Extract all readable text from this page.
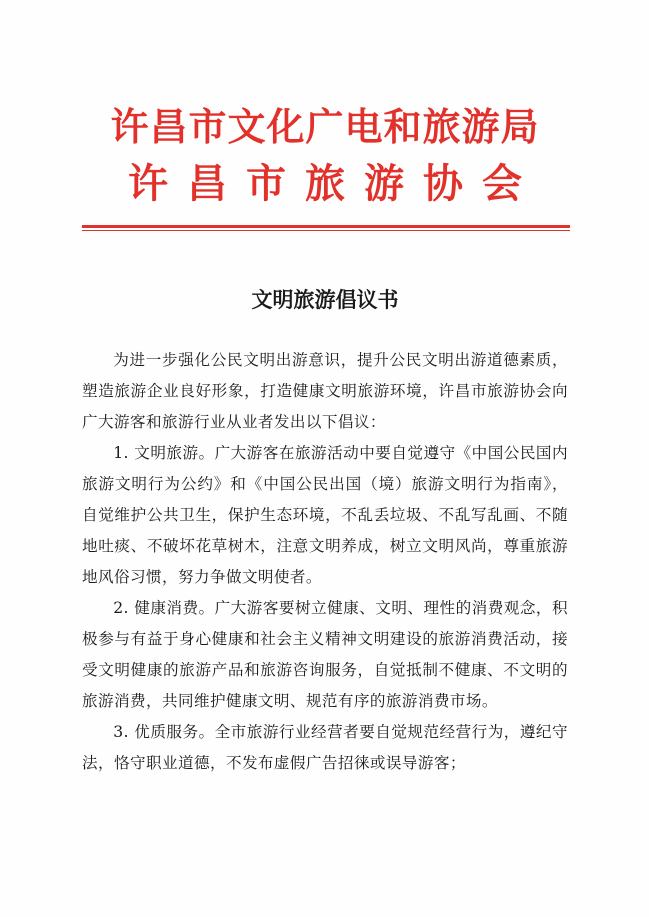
许昌市文化广电和旅游局
许昌市旅游协会
文明旅游倡议书

为进一步强化公民文明出游意识，提升公民文明出游道德素质，塑造旅游企业良好形象，打造健康文明旅游环境，许昌市旅游协会向广大游客和旅游行业从业者发出以下倡议：

1. 文明旅游。广大游客在旅游活动中要自觉遵守《中国公民国内旅游文明行为公约》和《中国公民出国（境）旅游文明行为指南》，自觉维护公共卫生，保护生态环境，不乱丢垃圾、不乱写乱画、不随地吐痰、不破坏花草树木，注意文明养成，树立文明风尚，尊重旅游地风俗习惯，努力争做文明使者。

2. 健康消费。广大游客要树立健康、文明、理性的消费观念，积极参与有益于身心健康和社会主义精神文明建设的旅游消费活动，接受文明健康的旅游产品和旅游咨询服务，自觉抵制不健康、不文明的旅游消费，共同维护健康文明、规范有序的旅游消费市场。

3. 优质服务。全市旅游行业经营者要自觉规范经营行为，遵纪守法，恪守职业道德，不发布虚假广告招徕或误导游客；
